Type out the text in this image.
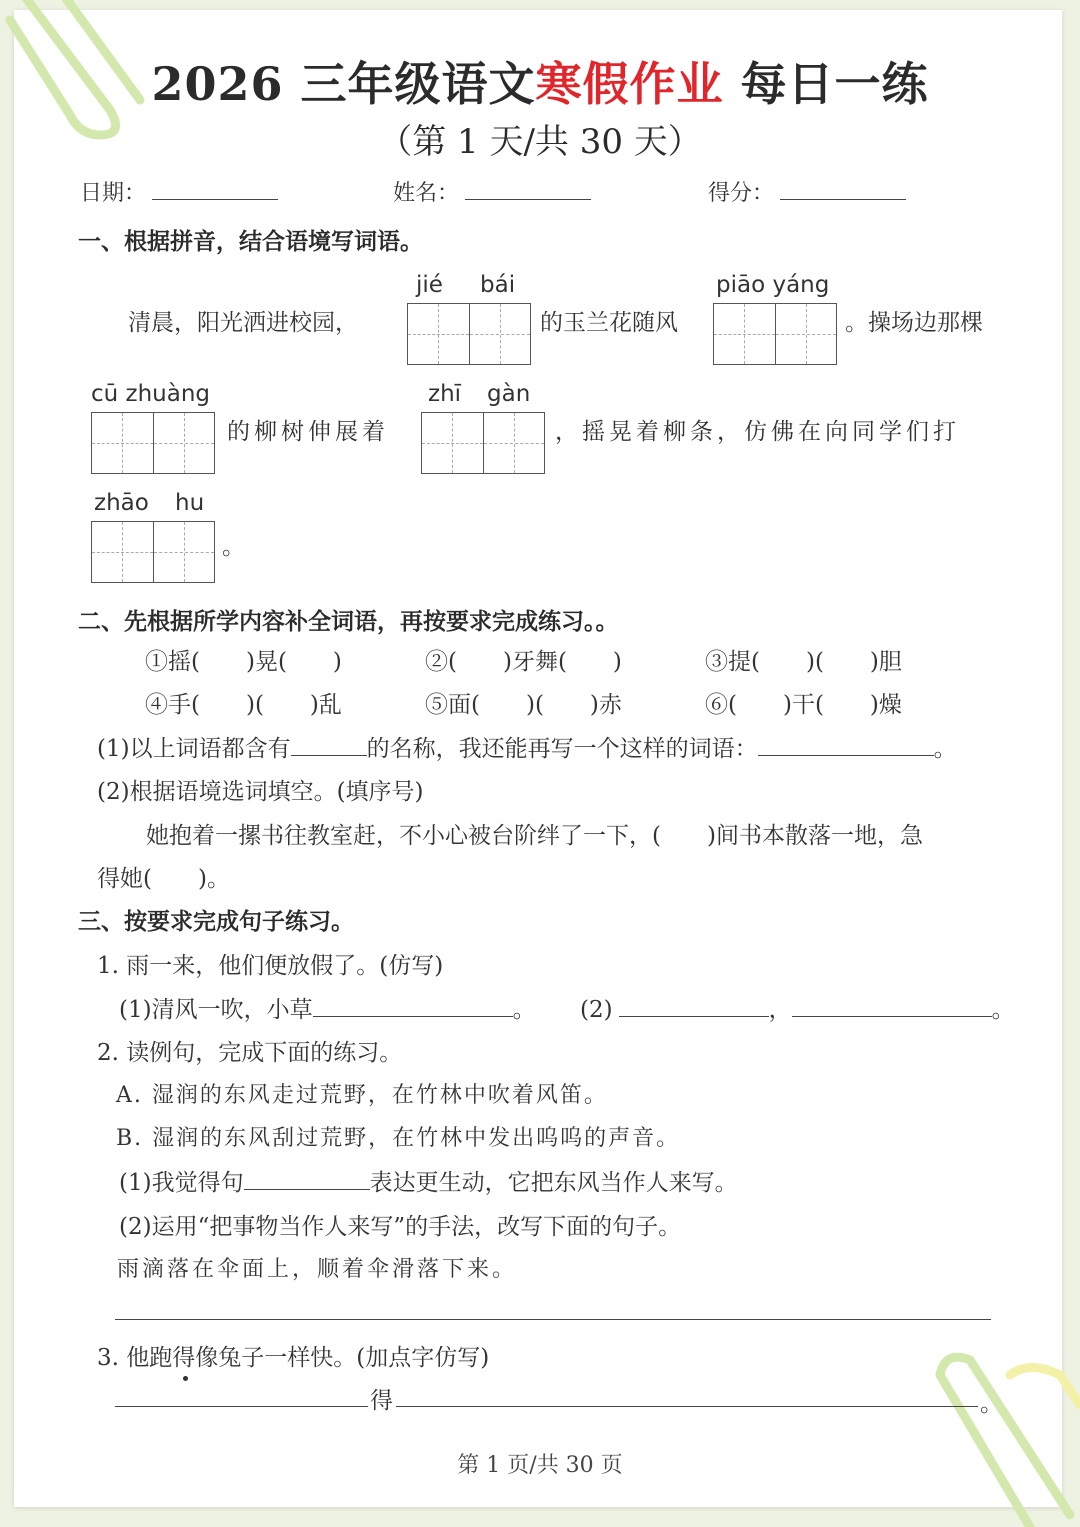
2026 三年级语文寒假作业 每日一练
（第 1 天/共 30 天）
日期：	姓名：	得分：
一、根据拼音，结合语境写词语。
清晨，阳光洒进校园，
jié bái
的玉兰花随风
piāo yáng
。操场边那棵
cū zhuàng
的柳树伸展着
zhī gàn
，摇晃着柳条，仿佛在向同学们打
zhāo hu
。
二、先根据所学内容补全词语，再按要求完成练习。。
①摇(　　)晃(　　)	②(　　)牙舞(　　)	③提(　　)(　　)胆
④手(　　)(　　)乱	⑤面(　　)(　　)赤	⑥(　　)干(　　)燥
(1)以上词语都含有	的名称，我还能再写一个这样的词语：	。
(2)根据语境选词填空。(填序号)
她抱着一摞书往教室赶，不小心被台阶绊了一下，(　　)间书本散落一地，急
得她(　　)。
三、按要求完成句子练习。
1. 雨一来，他们便放假了。(仿写)
(1)清风一吹，小草	。 (2)	，	。
2. 读例句，完成下面的练习。
A. 湿润的东风走过荒野，在竹林中吹着风笛。
B. 湿润的东风刮过荒野，在竹林中发出呜呜的声音。
(1)我觉得句	表达更生动，它把东风当作人来写。
(2)运用“把事物当作人来写”的手法，改写下面的句子。
雨滴落在伞面上，顺着伞滑落下来。
3. 他跑得像兔子一样快。(加点字仿写)
得	。
第 1 页/共 30 页
